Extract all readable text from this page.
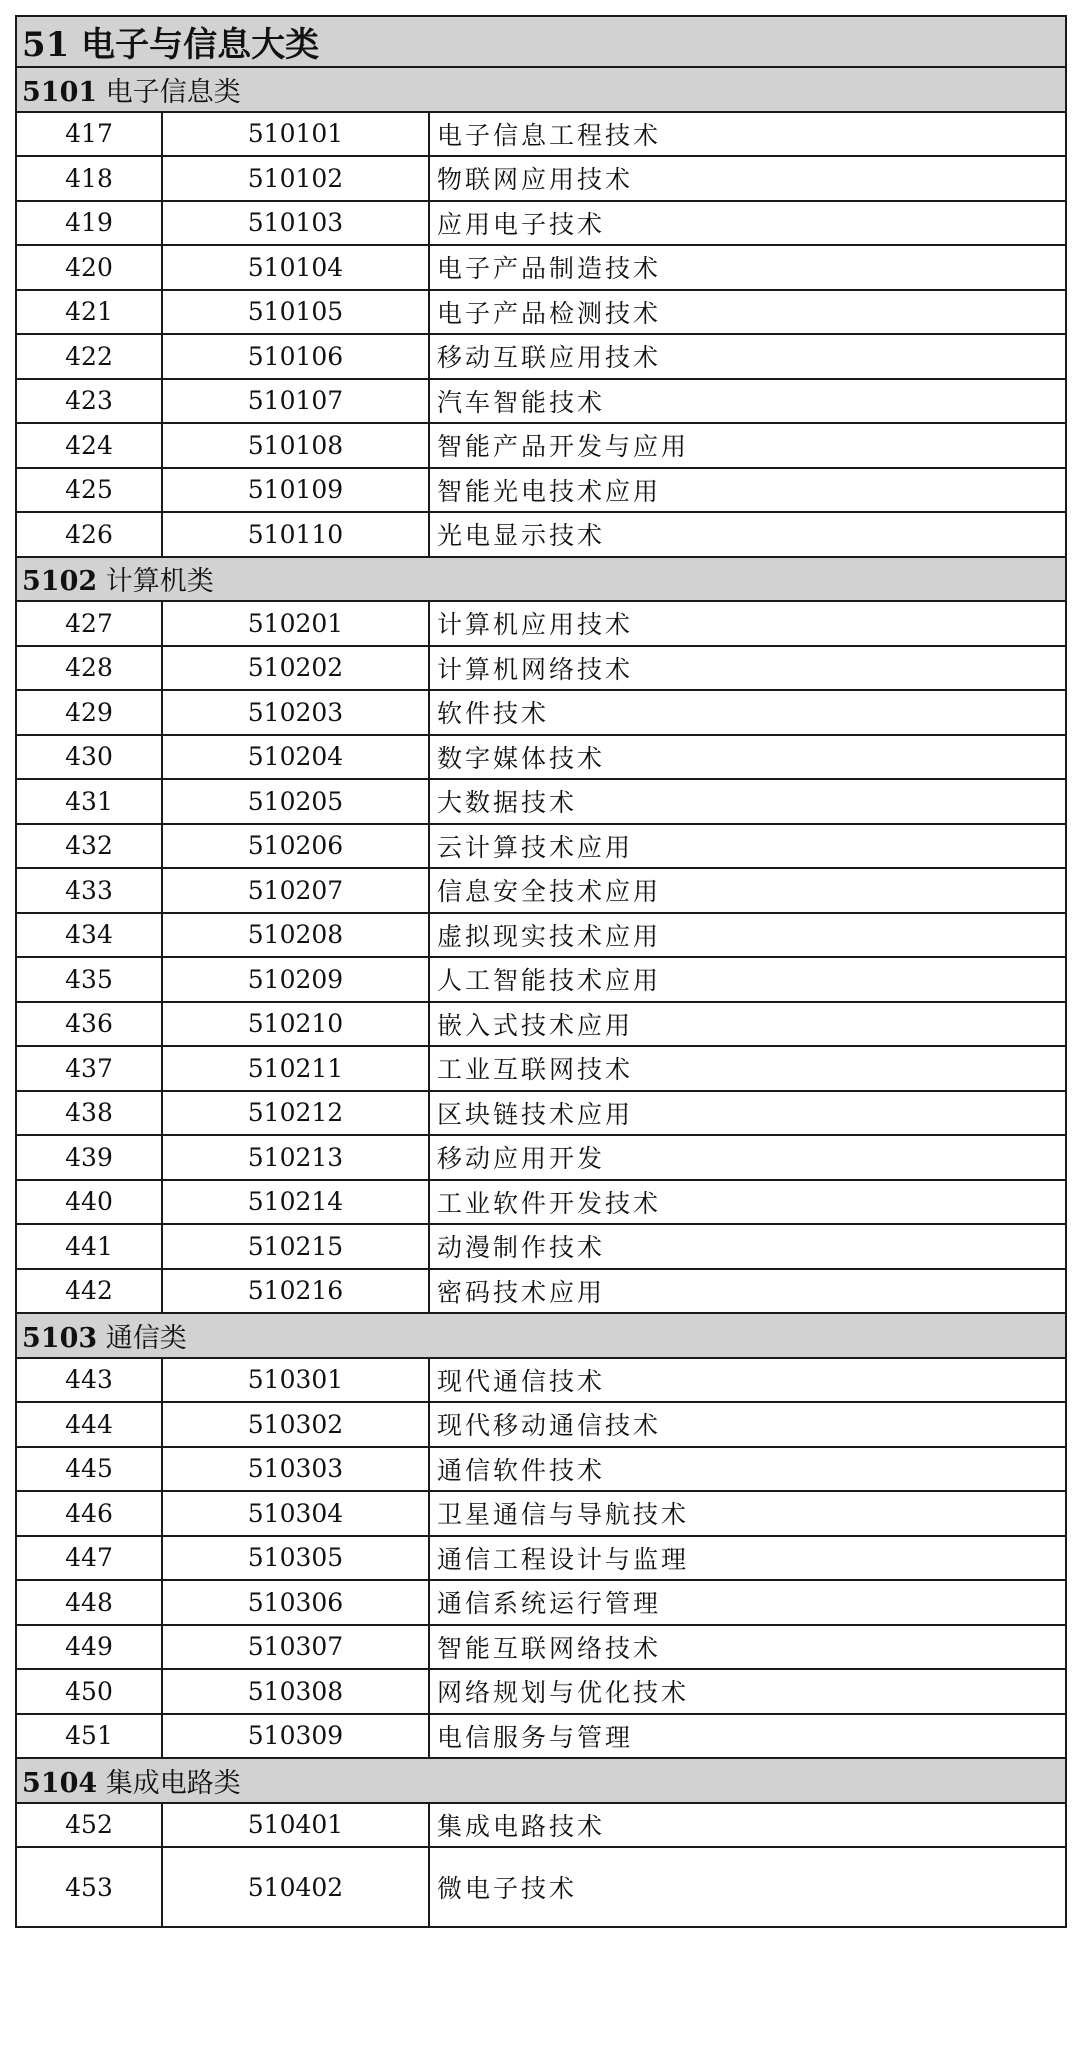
51 电子与信息大类		
5101 电子信息类		
417	510101	电子信息工程技术
418	510102	物联网应用技术
419	510103	应用电子技术
420	510104	电子产品制造技术
421	510105	电子产品检测技术
422	510106	移动互联应用技术
423	510107	汽车智能技术
424	510108	智能产品开发与应用
425	510109	智能光电技术应用
426	510110	光电显示技术
5102 计算机类		
427	510201	计算机应用技术
428	510202	计算机网络技术
429	510203	软件技术
430	510204	数字媒体技术
431	510205	大数据技术
432	510206	云计算技术应用
433	510207	信息安全技术应用
434	510208	虚拟现实技术应用
435	510209	人工智能技术应用
436	510210	嵌入式技术应用
437	510211	工业互联网技术
438	510212	区块链技术应用
439	510213	移动应用开发
440	510214	工业软件开发技术
441	510215	动漫制作技术
442	510216	密码技术应用
5103 通信类		
443	510301	现代通信技术
444	510302	现代移动通信技术
445	510303	通信软件技术
446	510304	卫星通信与导航技术
447	510305	通信工程设计与监理
448	510306	通信系统运行管理
449	510307	智能互联网络技术
450	510308	网络规划与优化技术
451	510309	电信服务与管理
5104 集成电路类		
452	510401	集成电路技术
453	510402	微电子技术
